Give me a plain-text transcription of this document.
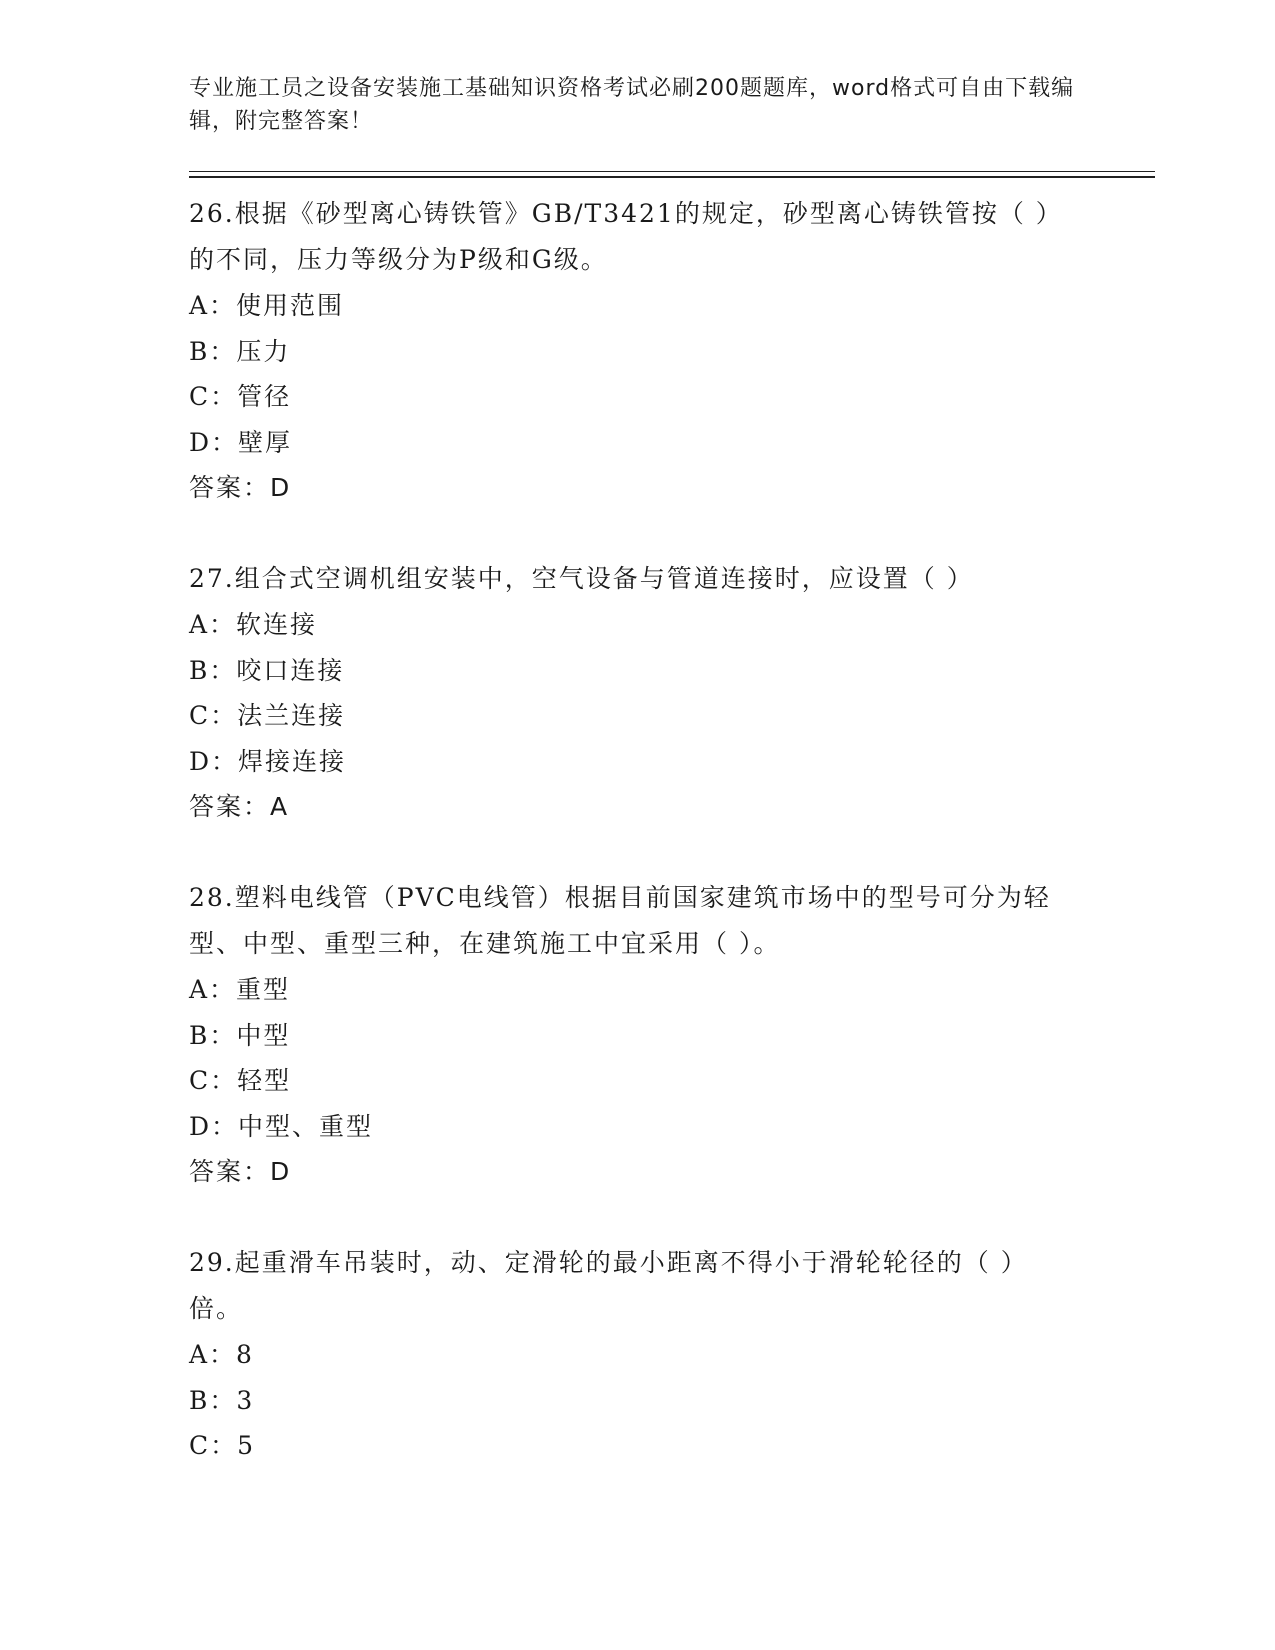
专业施工员之设备安装施工基础知识资格考试必刷200题题库，word格式可自由下载编辑，附完整答案！

26.根据《砂型离心铸铁管》GB/T3421的规定，砂型离心铸铁管按（ ）的不同，压力等级分为P级和G级。

A：使用范围

B：压力

C：管径

D：壁厚

答案：D

27.组合式空调机组安装中，空气设备与管道连接时，应设置（ ）

A：软连接

B：咬口连接

C：法兰连接

D：焊接连接

答案：A

28.塑料电线管（PVC电线管）根据目前国家建筑市场中的型号可分为轻型、中型、重型三种，在建筑施工中宜采用（ ）。

A：重型

B：中型

C：轻型

D：中型、重型

答案：D

29.起重滑车吊装时，动、定滑轮的最小距离不得小于滑轮轮径的（ ）倍。

A：8

B：3

C：5
